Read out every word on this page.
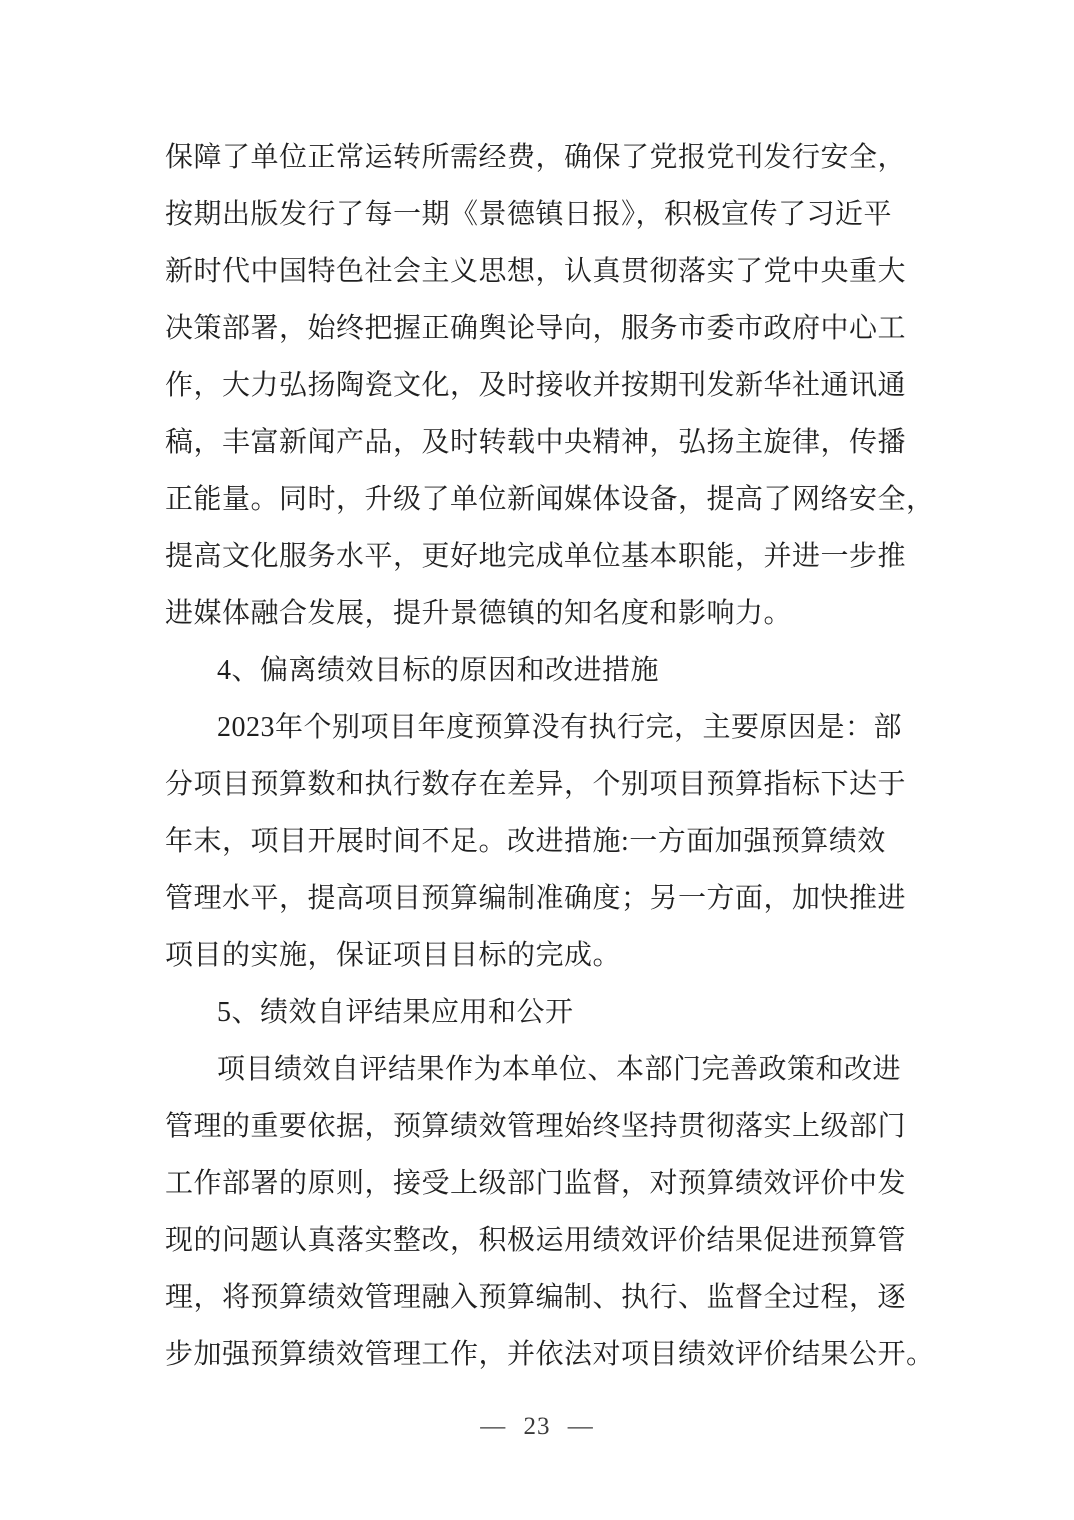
保障了单位正常运转所需经费，确保了党报党刊发行安全，
按期出版发行了每一期《景德镇日报》，积极宣传了习近平
新时代中国特色社会主义思想，认真贯彻落实了党中央重大
决策部署，始终把握正确舆论导向，服务市委市政府中心工
作，大力弘扬陶瓷文化，及时接收并按期刊发新华社通讯通
稿，丰富新闻产品，及时转载中央精神，弘扬主旋律，传播
正能量。同时，升级了单位新闻媒体设备，提高了网络安全，
提高文化服务水平，更好地完成单位基本职能，并进一步推
进媒体融合发展，提升景德镇的知名度和影响力。
4、偏离绩效目标的原因和改进措施
2023年个别项目年度预算没有执行完，主要原因是：部
分项目预算数和执行数存在差异，个别项目预算指标下达于
年末，项目开展时间不足。改进措施:一方面加强预算绩效
管理水平，提高项目预算编制准确度；另一方面，加快推进
项目的实施，保证项目目标的完成。
5、绩效自评结果应用和公开
项目绩效自评结果作为本单位、本部门完善政策和改进
管理的重要依据，预算绩效管理始终坚持贯彻落实上级部门
工作部署的原则，接受上级部门监督，对预算绩效评价中发
现的问题认真落实整改，积极运用绩效评价结果促进预算管
理，将预算绩效管理融入预算编制、执行、监督全过程，逐
步加强预算绩效管理工作，并依法对项目绩效评价结果公开。
— 23 —
